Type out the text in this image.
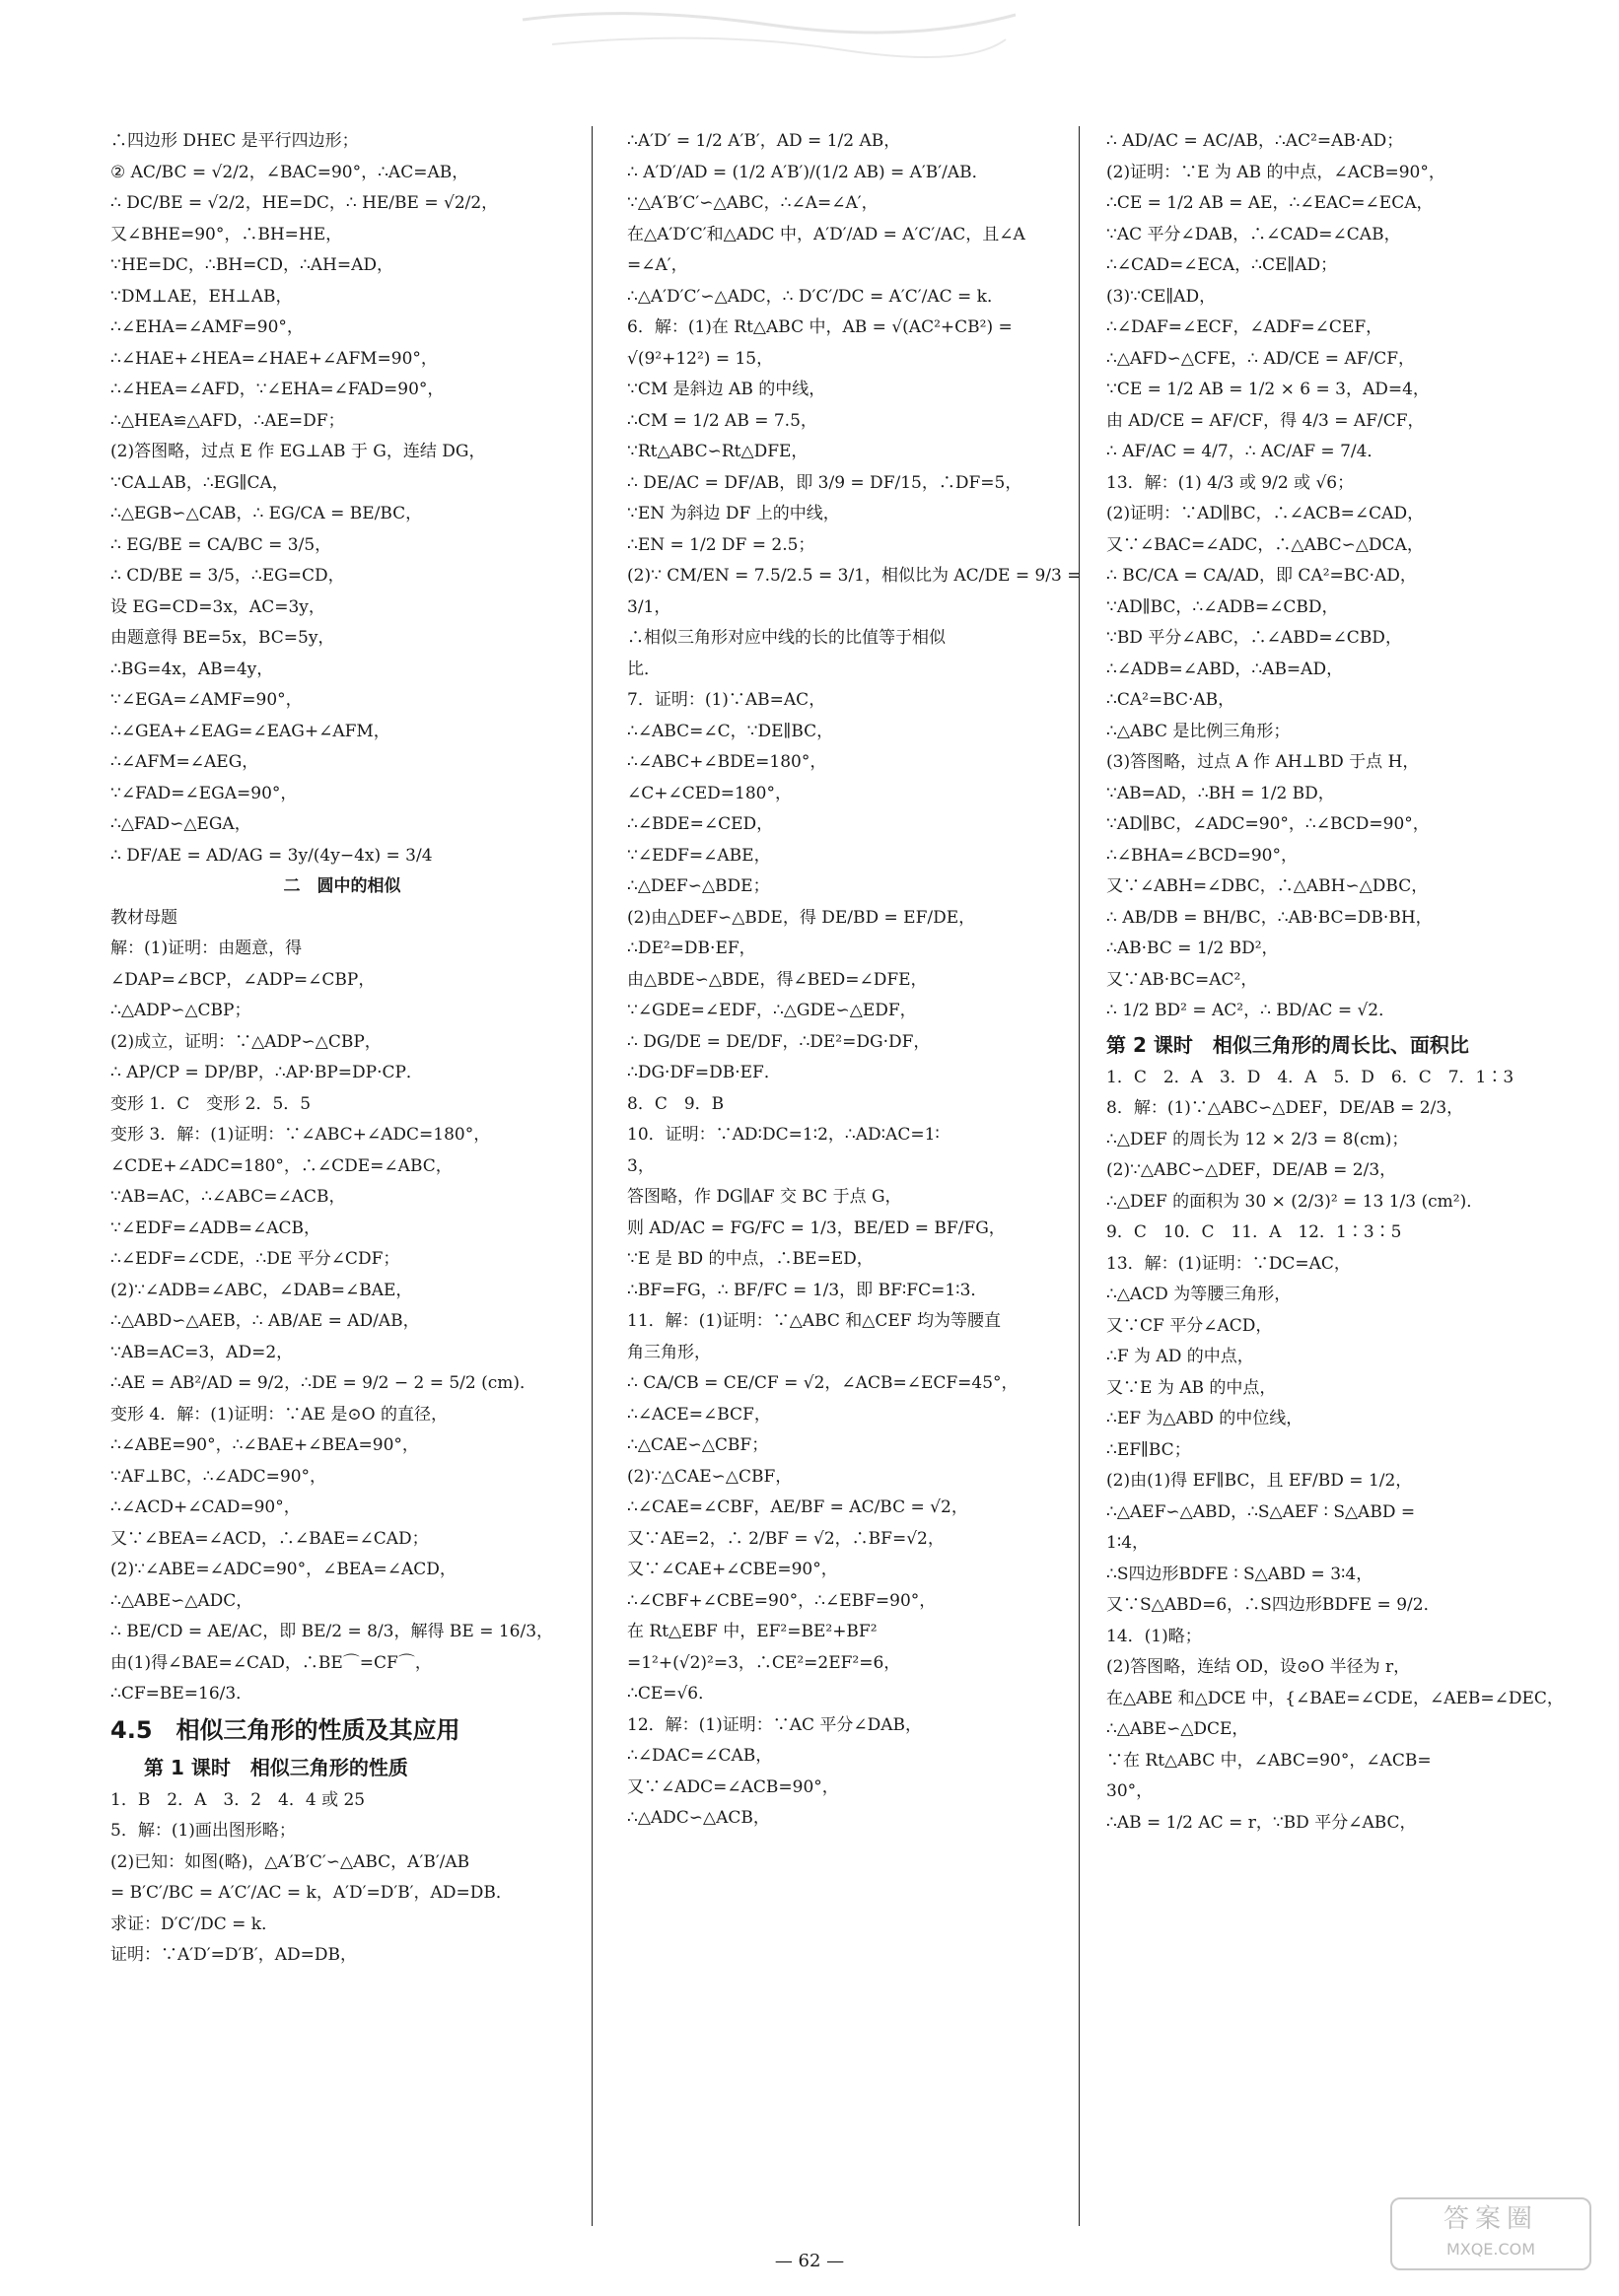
∴四边形 DHEC 是平行四边形；
② AC/BC = √2/2，∠BAC=90°，∴AC=AB，
∴ DC/BE = √2/2，HE=DC，∴ HE/BE = √2/2，
又∠BHE=90°，∴BH=HE，
∵HE=DC，∴BH=CD，∴AH=AD，
∵DM⊥AE，EH⊥AB，
∴∠EHA=∠AMF=90°，
∴∠HAE+∠HEA=∠HAE+∠AFM=90°，
∴∠HEA=∠AFD，∵∠EHA=∠FAD=90°，
∴△HEA≌△AFD，∴AE=DF；
(2)答图略，过点 E 作 EG⊥AB 于 G，连结 DG，
∵CA⊥AB，∴EG∥CA，
∴△EGB∽△CAB，∴ EG/CA = BE/BC，
∴ EG/BE = CA/BC = 3/5，
∴ CD/BE = 3/5，∴EG=CD，
设 EG=CD=3x，AC=3y，
由题意得 BE=5x，BC=5y，
∴BG=4x，AB=4y，
∵∠EGA=∠AMF=90°，
∴∠GEA+∠EAG=∠EAG+∠AFM，
∴∠AFM=∠AEG，
∵∠FAD=∠EGA=90°，
∴△FAD∽△EGA，
∴ DF/AE = AD/AG = 3y/(4y−4x) = 3/4
二　圆中的相似
教材母题
解：(1)证明：由题意，得
∠DAP=∠BCP，∠ADP=∠CBP，
∴△ADP∽△CBP；
(2)成立，证明：∵△ADP∽△CBP，
∴ AP/CP = DP/BP，∴AP·BP=DP·CP．
变形 1．C　变形 2．5．5
变形 3．解：(1)证明：∵∠ABC+∠ADC=180°，
∠CDE+∠ADC=180°，∴∠CDE=∠ABC，
∵AB=AC，∴∠ABC=∠ACB，
∵∠EDF=∠ADB=∠ACB，
∴∠EDF=∠CDE，∴DE 平分∠CDF；
(2)∵∠ADB=∠ABC，∠DAB=∠BAE，
∴△ABD∽△AEB，∴ AB/AE = AD/AB，
∵AB=AC=3，AD=2，
∴AE = AB²/AD = 9/2，∴DE = 9/2 − 2 = 5/2 (cm)．
变形 4．解：(1)证明：∵AE 是⊙O 的直径，
∴∠ABE=90°，∴∠BAE+∠BEA=90°，
∵AF⊥BC，∴∠ADC=90°，
∴∠ACD+∠CAD=90°，
又∵∠BEA=∠ACD，∴∠BAE=∠CAD；
(2)∵∠ABE=∠ADC=90°，∠BEA=∠ACD，
∴△ABE∽△ADC，
∴ BE/CD = AE/AC，即 BE/2 = 8/3，解得 BE = 16/3，
由(1)得∠BAE=∠CAD，∴BE⌒=CF⌒，
∴CF=BE=16/3．
4.5　相似三角形的性质及其应用
第 1 课时　相似三角形的性质
1．B　2．A　3．2　4．4 或 25
5．解：(1)画出图形略；
(2)已知：如图(略)，△A′B′C′∽△ABC，A′B′/AB
= B′C′/BC = A′C′/AC = k，A′D′=D′B′，AD=DB．
求证：D′C′/DC = k．
证明：∵A′D′=D′B′，AD=DB，
∴A′D′ = 1/2 A′B′，AD = 1/2 AB，
∴ A′D′/AD = (1/2 A′B′)/(1/2 AB) = A′B′/AB．
∵△A′B′C′∽△ABC，∴∠A=∠A′，
在△A′D′C′和△ADC 中，A′D′/AD = A′C′/AC，且∠A
=∠A′，
∴△A′D′C′∽△ADC，∴ D′C′/DC = A′C′/AC = k．
6．解：(1)在 Rt△ABC 中，AB = √(AC²+CB²) =
√(9²+12²) = 15，
∵CM 是斜边 AB 的中线，
∴CM = 1/2 AB = 7.5，
∵Rt△ABC∽Rt△DFE，
∴ DE/AC = DF/AB，即 3/9 = DF/15，∴DF=5，
∵EN 为斜边 DF 上的中线，
∴EN = 1/2 DF = 2.5；
(2)∵ CM/EN = 7.5/2.5 = 3/1，相似比为 AC/DE = 9/3 =
3/1，
∴相似三角形对应中线的长的比值等于相似
比．
7．证明：(1)∵AB=AC，
∴∠ABC=∠C，∵DE∥BC，
∴∠ABC+∠BDE=180°，
∠C+∠CED=180°，
∴∠BDE=∠CED，
∵∠EDF=∠ABE，
∴△DEF∽△BDE；
(2)由△DEF∽△BDE，得 DE/BD = EF/DE，
∴DE²=DB·EF，
由△BDE∽△BDE，得∠BED=∠DFE，
∵∠GDE=∠EDF，∴△GDE∽△EDF，
∴ DG/DE = DE/DF，∴DE²=DG·DF，
∴DG·DF=DB·EF．
8．C　9．B
10．证明：∵AD∶DC=1∶2，∴AD∶AC=1∶
3，
答图略，作 DG∥AF 交 BC 于点 G，
则 AD/AC = FG/FC = 1/3，BE/ED = BF/FG，
∵E 是 BD 的中点，∴BE=ED，
∴BF=FG，∴ BF/FC = 1/3，即 BF∶FC=1∶3．
11．解：(1)证明：∵△ABC 和△CEF 均为等腰直
角三角形，
∴ CA/CB = CE/CF = √2，∠ACB=∠ECF=45°，
∴∠ACE=∠BCF，
∴△CAE∽△CBF；
(2)∵△CAE∽△CBF，
∴∠CAE=∠CBF，AE/BF = AC/BC = √2，
又∵AE=2，∴ 2/BF = √2，∴BF=√2，
又∵∠CAE+∠CBE=90°，
∴∠CBF+∠CBE=90°，∴∠EBF=90°，
在 Rt△EBF 中，EF²=BE²+BF²
=1²+(√2)²=3，∴CE²=2EF²=6，
∴CE=√6．
12．解：(1)证明：∵AC 平分∠DAB，
∴∠DAC=∠CAB，
又∵∠ADC=∠ACB=90°，
∴△ADC∽△ACB，
∴ AD/AC = AC/AB，∴AC²=AB·AD；
(2)证明：∵E 为 AB 的中点，∠ACB=90°，
∴CE = 1/2 AB = AE，∴∠EAC=∠ECA，
∵AC 平分∠DAB，∴∠CAD=∠CAB，
∴∠CAD=∠ECA，∴CE∥AD；
(3)∵CE∥AD，
∴∠DAF=∠ECF，∠ADF=∠CEF，
∴△AFD∽△CFE，∴ AD/CE = AF/CF，
∵CE = 1/2 AB = 1/2 × 6 = 3，AD=4，
由 AD/CE = AF/CF，得 4/3 = AF/CF，
∴ AF/AC = 4/7，∴ AC/AF = 7/4．
13．解：(1) 4/3 或 9/2 或 √6；
(2)证明：∵AD∥BC，∴∠ACB=∠CAD，
又∵∠BAC=∠ADC，∴△ABC∽△DCA，
∴ BC/CA = CA/AD，即 CA²=BC·AD，
∵AD∥BC，∴∠ADB=∠CBD，
∵BD 平分∠ABC，∴∠ABD=∠CBD，
∴∠ADB=∠ABD，∴AB=AD，
∴CA²=BC·AB，
∴△ABC 是比例三角形；
(3)答图略，过点 A 作 AH⊥BD 于点 H，
∵AB=AD，∴BH = 1/2 BD，
∵AD∥BC，∠ADC=90°，∴∠BCD=90°，
∴∠BHA=∠BCD=90°，
又∵∠ABH=∠DBC，∴△ABH∽△DBC，
∴ AB/DB = BH/BC，∴AB·BC=DB·BH，
∴AB·BC = 1/2 BD²，
又∵AB·BC=AC²，
∴ 1/2 BD² = AC²，∴ BD/AC = √2．
第 2 课时　相似三角形的周长比、面积比
1．C　2．A　3．D　4．A　5．D　6．C　7．1∶3
8．解：(1)∵△ABC∽△DEF，DE/AB = 2/3，
∴△DEF 的周长为 12 × 2/3 = 8(cm)；
(2)∵△ABC∽△DEF，DE/AB = 2/3，
∴△DEF 的面积为 30 × (2/3)² = 13 1/3 (cm²)．
9．C　10．C　11．A　12．1∶3∶5
13．解：(1)证明：∵DC=AC，
∴△ACD 为等腰三角形，
又∵CF 平分∠ACD，
∴F 为 AD 的中点，
又∵E 为 AB 的中点，
∴EF 为△ABD 的中位线，
∴EF∥BC；
(2)由(1)得 EF∥BC，且 EF/BD = 1/2，
∴△AEF∽△ABD，∴S△AEF ∶ S△ABD =
1∶4，
∴S四边形BDFE ∶ S△ABD = 3∶4，
又∵S△ABD=6，∴S四边形BDFE = 9/2．
14．(1)略；
(2)答图略，连结 OD，设⊙O 半径为 r，
在△ABE 和△DCE 中，{∠BAE=∠CDE，∠AEB=∠DEC，
∴△ABE∽△DCE，
∵在 Rt△ABC 中，∠ABC=90°，∠ACB=
30°，
∴AB = 1/2 AC = r，∵BD 平分∠ABC，
— 62 —
答案圈
MXQE.COM
